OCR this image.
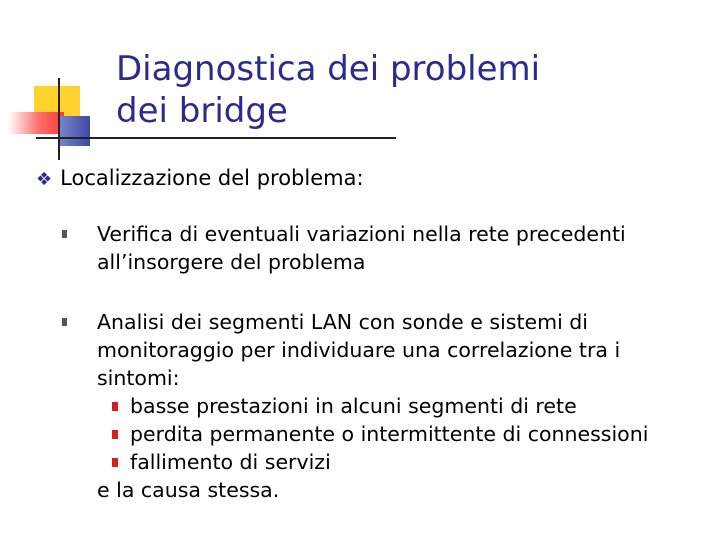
Diagnostica dei problemi
dei bridge
❖ Localizzazione del problema:
Verifica di eventuali variazioni nella rete precedenti
all’insorgere del problema
Analisi dei segmenti LAN con sonde e sistemi di
monitoraggio per individuare una correlazione tra i
sintomi:
basse prestazioni in alcuni segmenti di rete
perdita permanente o intermittente di connessioni
fallimento di servizi
e la causa stessa.
